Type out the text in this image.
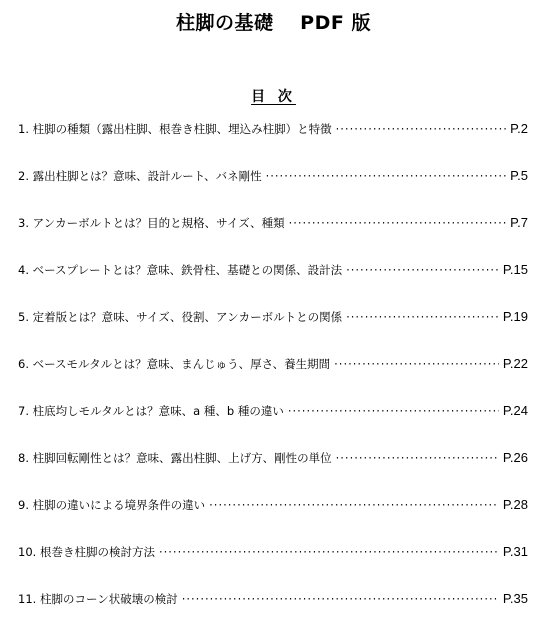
柱脚の基礎　 PDF 版
目 次
1. 柱脚の種類（露出柱脚、根巻き柱脚、埋込み柱脚）と特徴 ·····	P.2
2. 露出柱脚とは？意味、設計ルート、バネ剛性 ·····	P.5
3. アンカーボルトとは？目的と規格、サイズ、種類 ·····	P.7
4. ベースプレートとは？意味、鉄骨柱、基礎との関係、設計法 ·····	P.15
5. 定着版とは？意味、サイズ、役割、アンカーボルトとの関係 ·····	P.19
6. ベースモルタルとは？意味、まんじゅう、厚さ、養生期間 ·····	P.22
7. 柱底均しモルタルとは？意味、a 種、b 種の違い ·····	P.24
8. 柱脚回転剛性とは？意味、露出柱脚、上げ方、剛性の単位 ·····	P.26
9. 柱脚の違いによる境界条件の違い ·····	P.28
10. 根巻き柱脚の検討方法 ·····	P.31
11. 柱脚のコーン状破壊の検討 ·····	P.35
